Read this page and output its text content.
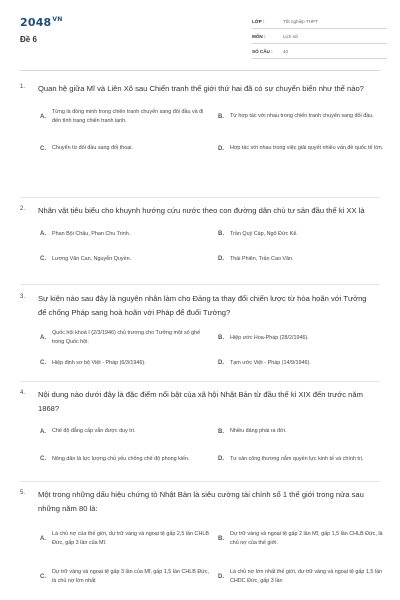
$2048^{VN}$
Đề 6
LỚP :	Tốt nghiệp THPT
MÔN :	Lịch sử
SỐ CÂU :	40
1.	Quan hệ giữa Mĩ và Liên Xô sau Chiến tranh thế giới thứ hai đã có sự chuyển biến như thế nào?
A.
Từng là đồng minh trong chiến tranh chuyển sang đối đầu và đi đến tình trạng chiến tranh lạnh.
B.	Từ hợp tác với nhau trong chiến tranh chuyển sang đối đầu.
C.	Chuyển từ đối đầu sang đối thoại.	D.	Hợp tác với nhau trong việc giải quyết nhiều vấn đề quốc tế lớn.
2.	Nhân vật tiêu biểu cho khuynh hướng cứu nước theo con đường dân chủ tư sản đầu thế kỉ XX là
A.	Phan Bội Châu, Phan Chu Trinh.	B.	Trần Quý Cáp, Ngô Đức Kế.
C.	Lương Văn Can, Nguyễn Quyền.	D.	Thái Phiên, Trần Cao Vân.
3.	Sự kiện nào sau đây là nguyên nhân làm cho Đảng ta thay đổi chiến lược từ hòa hoãn với Tưởng để chống Pháp sang hoà hoãn với Pháp để đuổi Tưởng?
A.
Quốc hội khoá I (2/3/1946) chủ trương cho Tưởng một số ghế trong Quốc hội.
B.	Hiệp ước Hoa-Pháp (28/2/1946).
C.	Hiệp định sơ bộ Việt - Pháp (6/3/1946).	D.	Tạm ước Việt - Pháp (14/9/1946).
4.	Nội dung nào dưới đây là đặc điểm nổi bật của xã hội Nhật Bản từ đầu thế kỉ XIX đến trước năm 1868?
A.	Chế độ đẳng cấp vẫn được duy trì.	B.	Nhiều đảng phái ra đời.
C.	Nông dân là lực lượng chủ yếu chống chế độ phong kiến.	D.	Tư sản công thương nắm quyền lực kinh tế và chính trị.
5.	Một trong những dấu hiệu chứng tỏ Nhật Bản là siêu cường tài chính số 1 thế giới trong nửa sau những năm 80 là:
A.
Là chủ nợ của thế giới, dự trữ vàng và ngoại tệ gấp 2,5 lần CHLB Đức, gấp 3 lần của Mĩ.
B.
Dự trữ vàng và ngoại tệ gấp 2 lần Mĩ, gấp 1,5 lần CHLB Đức, là chủ nợ của thế giới.
C.
Dự trữ vàng và ngoại tệ gấp 3 lần của Mĩ, gấp 1,5 lần CHLB Đức, là chủ nợ lớn nhất
D.
Là chủ nợ lớn nhất thế giới, dự trữ vàng và ngoại tệ gấp 1,5 lần CHDC Đức, gấp 3 lần
